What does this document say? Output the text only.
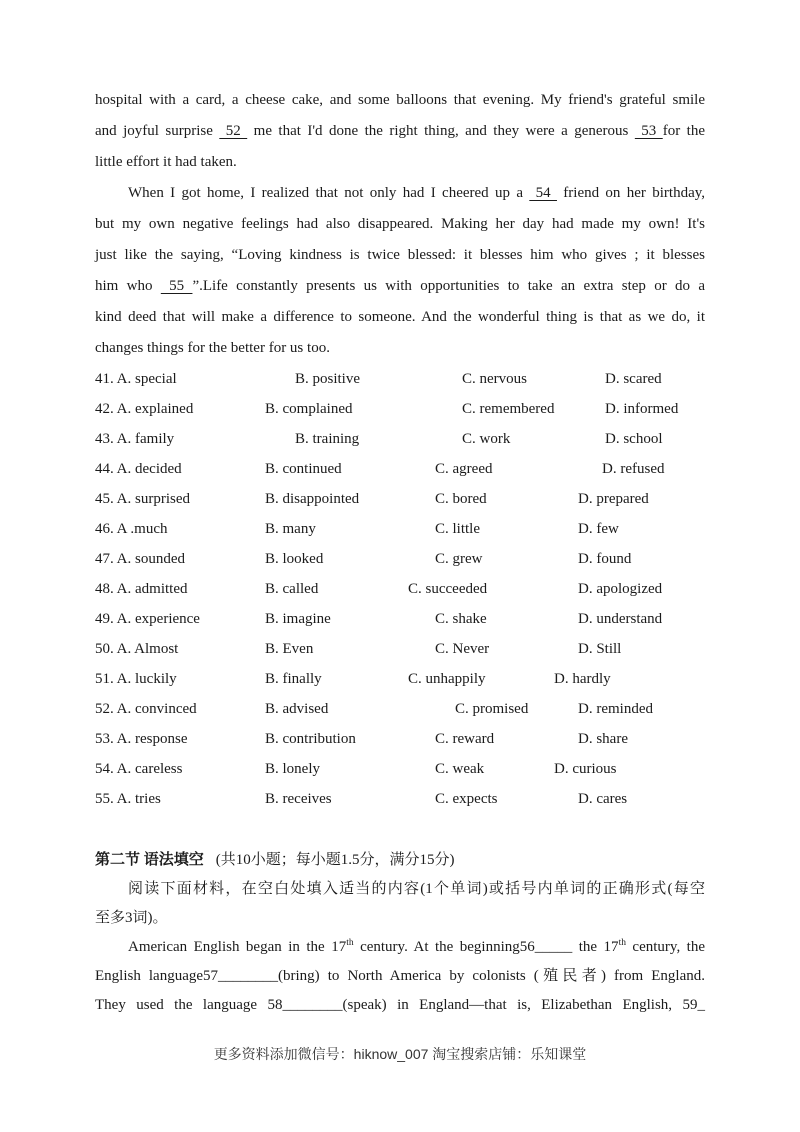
hospital with a card, a cheese cake, and some balloons that evening. My friend's grateful smile
and joyful surprise  52  me that I'd done the right thing, and they were a generous  53 for the
little effort it had taken.
When I got home, I realized that not only had I cheered up a  54  friend on her birthday,
but my own negative feelings had also disappeared. Making her day had made my own! It's
just like the saying, “Loving kindness is twice blessed: it blesses him who gives ; it blesses
him who  55 ”.Life constantly presents us with opportunities to take an extra step or do a
kind deed that will make a difference to someone. And the wonderful thing is that as we do, it
changes things for the better for us too.
41. A. special	B. positive	C. nervous	D. scared
42. A. explained	B. complained	C. remembered	D. informed
43. A. family	B. training	C. work	D. school
44. A. decided	B. continued	C. agreed	D. refused
45. A. surprised	B. disappointed	C. bored	D. prepared
46. A .much	B. many	C. little	D. few
47. A. sounded	B. looked	C. grew	D. found
48. A. admitted	B. called	C. succeeded	D. apologized
49. A. experience	B. imagine	C. shake	D. understand
50. A. Almost	B. Even	C. Never	D. Still
51. A. luckily	B. finally	C. unhappily	D. hardly
52. A. convinced	B. advised	C. promised	D. reminded
53. A. response	B. contribution	C. reward	D. share
54. A. careless	B. lonely	C. weak	D. curious
55. A. tries	B. receives	C. expects	D. cares
第二节 语法填空 (共10小题；每小题1.5分，满分15分)
阅读下面材料，在空白处填入适当的内容(1个单词)或括号内单词的正确形式(每空
至多3词)。
American English began in the 17th century. At the beginning56_____ the 17th century, the
English language57________(bring) to North America by colonists (殖民者) from England.
They used the language 58________(speak) in England—that is, Elizabethan English, 59_
更多资料添加微信号：hiknow_007 淘宝搜索店铺：乐知课堂
